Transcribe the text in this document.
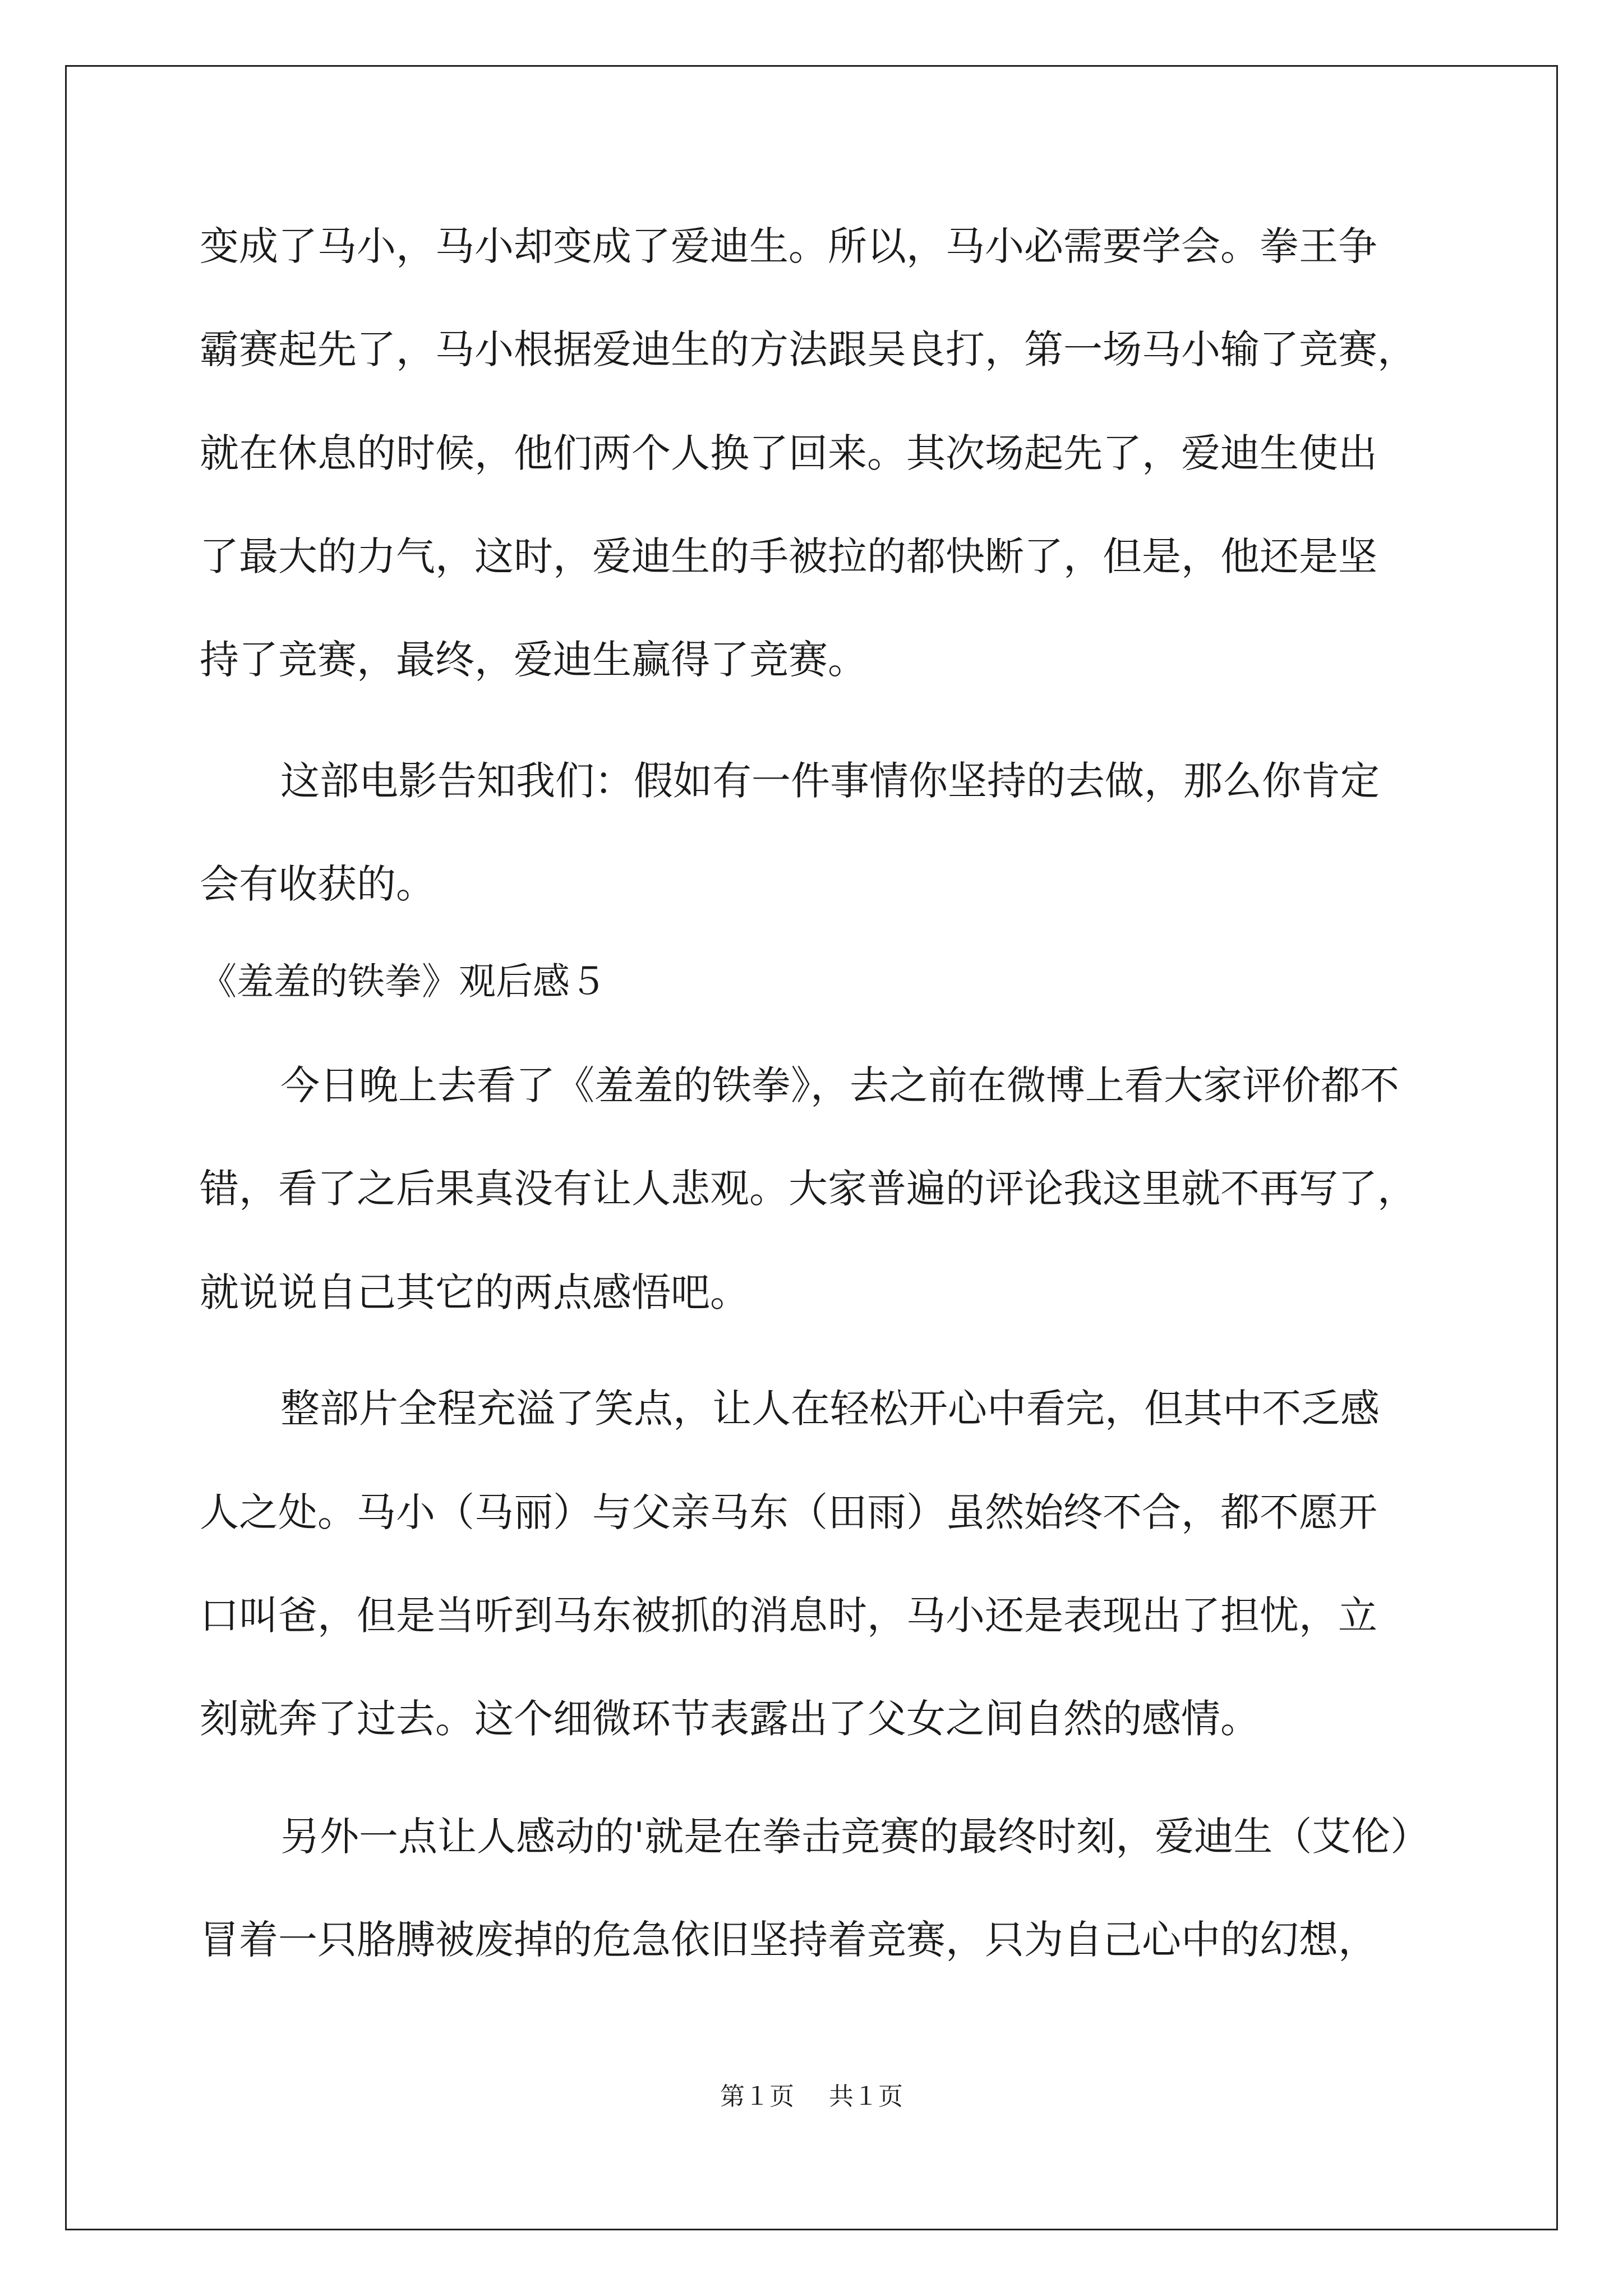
变成了马小，马小却变成了爱迪生。所以，马小必需要学会。拳王争
霸赛起先了，马小根据爱迪生的方法跟吴良打，第一场马小输了竞赛，
就在休息的时候，他们两个人换了回来。其次场起先了，爱迪生使出
了最大的力气，这时，爱迪生的手被拉的都快断了，但是，他还是坚
持了竞赛，最终，爱迪生赢得了竞赛。
这部电影告知我们：假如有一件事情你坚持的去做，那么你肯定
会有收获的。
《羞羞的铁拳》观后感５
今日晚上去看了《羞羞的铁拳》，去之前在微博上看大家评价都不
错，看了之后果真没有让人悲观。大家普遍的评论我这里就不再写了，
就说说自己其它的两点感悟吧。
整部片全程充溢了笑点，让人在轻松开心中看完，但其中不乏感
人之处。马小（马丽）与父亲马东（田雨）虽然始终不合，都不愿开
口叫爸，但是当听到马东被抓的消息时，马小还是表现出了担忧，立
刻就奔了过去。这个细微环节表露出了父女之间自然的感情。
另外一点让人感动的'就是在拳击竞赛的最终时刻，爱迪生（艾伦）
冒着一只胳膊被废掉的危急依旧坚持着竞赛，只为自己心中的幻想，
第１页 共１页
